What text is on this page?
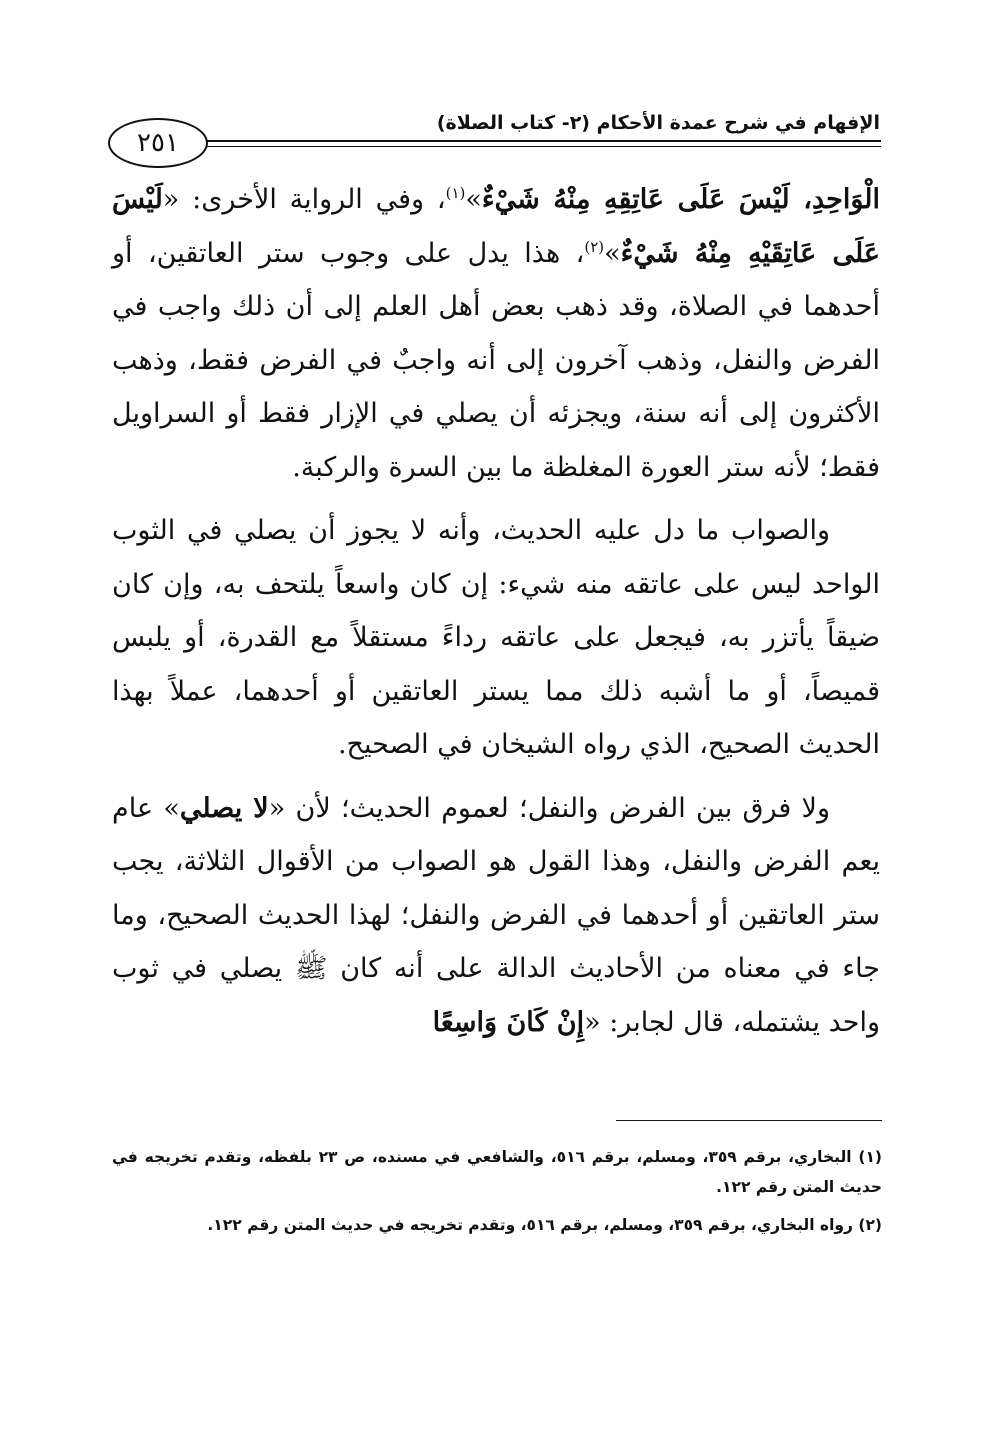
الإفهام في شرح عمدة الأحكام (٢- كتاب الصلاة)
٢٥١

الْوَاحِدِ، لَيْسَ عَلَى عَاتِقِهِ مِنْهُ شَيْءٌ»$^{(١)}$، وفي الرواية الأخرى: «لَيْسَ عَلَى عَاتِقَيْهِ مِنْهُ شَيْءٌ»$^{(٢)}$، هذا يدل على وجوب ستر العاتقين، أو أحدهما في الصلاة، وقد ذهب بعض أهل العلم إلى أن ذلك واجب في الفرض والنفل، وذهب آخرون إلى أنه واجبٌ في الفرض فقط، وذهب الأكثرون إلى أنه سنة، ويجزئه أن يصلي في الإزار فقط أو السراويل فقط؛ لأنه ستر العورة المغلظة ما بين السرة والركبة.

والصواب ما دل عليه الحديث، وأنه لا يجوز أن يصلي في الثوب الواحد ليس على عاتقه منه شيء: إن كان واسعاً يلتحف به، وإن كان ضيقاً يأتزر به، فيجعل على عاتقه رداءً مستقلاً مع القدرة، أو يلبس قميصاً، أو ما أشبه ذلك مما يستر العاتقين أو أحدهما، عملاً بهذا الحديث الصحيح، الذي رواه الشيخان في الصحيح.

ولا فرق بين الفرض والنفل؛ لعموم الحديث؛ لأن «لا يصلي» عام يعم الفرض والنفل، وهذا القول هو الصواب من الأقوال الثلاثة، يجب ستر العاتقين أو أحدهما في الفرض والنفل؛ لهذا الحديث الصحيح، وما جاء في معناه من الأحاديث الدالة على أنه كان ﷺ يصلي في ثوب واحد يشتمله، قال لجابر: «إِنْ كَانَ وَاسِعًا

(١) البخاري، برقم ٣٥٩، ومسلم، برقم ٥١٦، والشافعي في مسنده، ص ٢٣ بلفظه، وتقدم تخريجه في حديث المتن رقم ١٢٢.

(٢) رواه البخاري، برقم ٣٥٩، ومسلم، برقم ٥١٦، وتقدم تخريجه في حديث المتن رقم ١٢٢.
